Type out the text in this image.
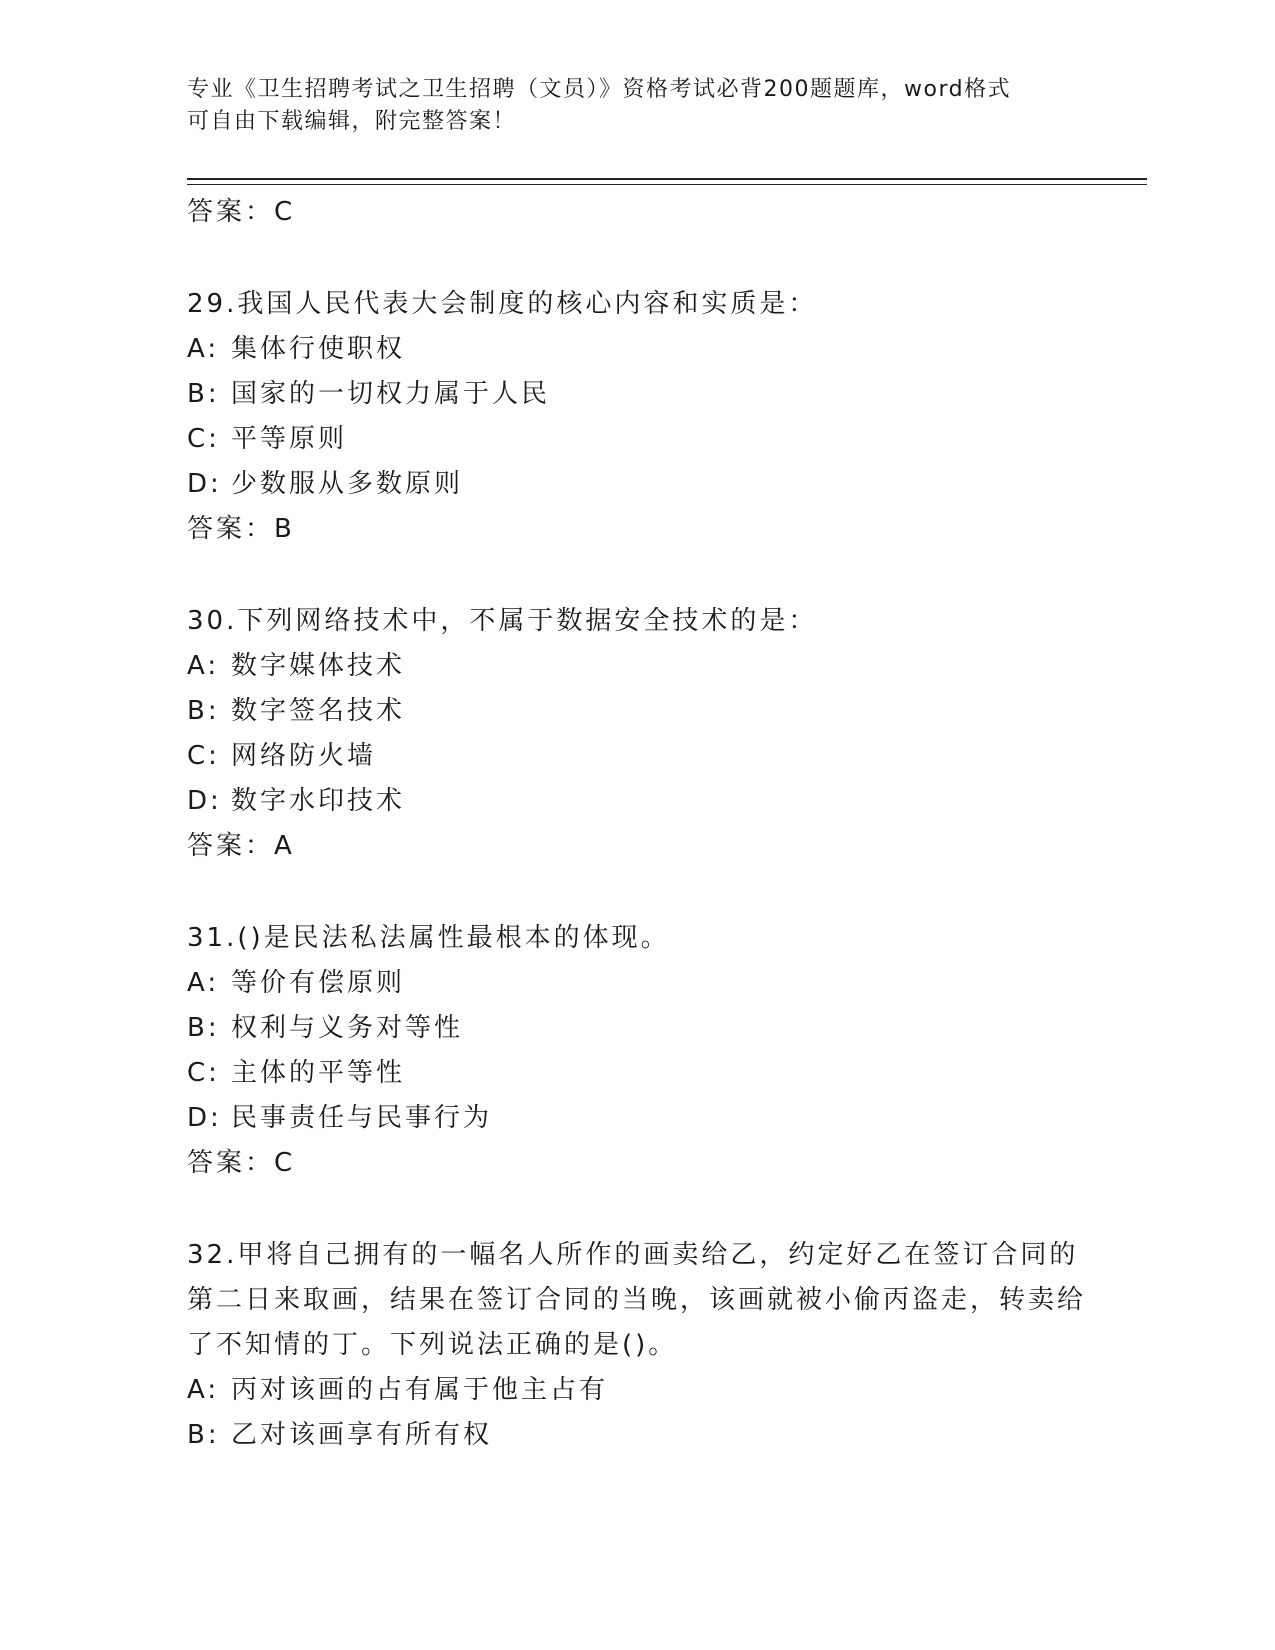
专业《卫生招聘考试之卫生招聘（文员）》资格考试必背200题题库，word格式
可自由下载编辑，附完整答案！
答案：C
29.我国人民代表大会制度的核心内容和实质是：
A: 集体行使职权
B: 国家的一切权力属于人民
C: 平等原则
D: 少数服从多数原则
答案：B
30.下列网络技术中，不属于数据安全技术的是：
A: 数字媒体技术
B: 数字签名技术
C: 网络防火墙
D: 数字水印技术
答案：A
31.()是民法私法属性最根本的体现。
A: 等价有偿原则
B: 权利与义务对等性
C: 主体的平等性
D: 民事责任与民事行为
答案：C
32.甲将自己拥有的一幅名人所作的画卖给乙，约定好乙在签订合同的第二日来取画，结果在签订合同的当晚，该画就被小偷丙盗走，转卖给了不知情的丁。下列说法正确的是()。
A: 丙对该画的占有属于他主占有
B: 乙对该画享有所有权
